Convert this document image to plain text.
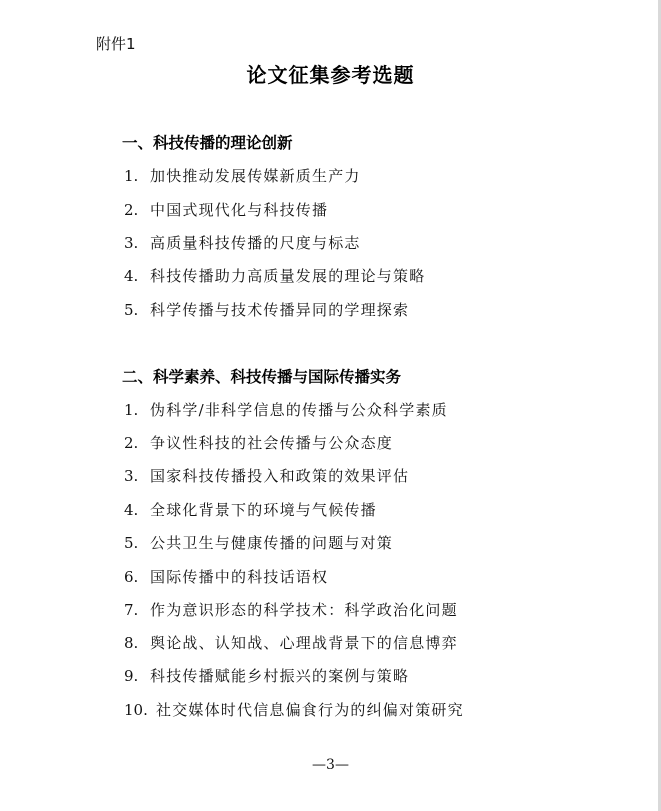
附件1
论文征集参考选题
一、科技传播的理论创新
1. 加快推动发展传媒新质生产力
2. 中国式现代化与科技传播
3. 高质量科技传播的尺度与标志
4. 科技传播助力高质量发展的理论与策略
5. 科学传播与技术传播异同的学理探索
二、科学素养、科技传播与国际传播实务
1. 伪科学/非科学信息的传播与公众科学素质
2. 争议性科技的社会传播与公众态度
3. 国家科技传播投入和政策的效果评估
4. 全球化背景下的环境与气候传播
5. 公共卫生与健康传播的问题与对策
6. 国际传播中的科技话语权
7. 作为意识形态的科学技术：科学政治化问题
8. 舆论战、认知战、心理战背景下的信息博弈
9. 科技传播赋能乡村振兴的案例与策略
10. 社交媒体时代信息偏食行为的纠偏对策研究
—3—
